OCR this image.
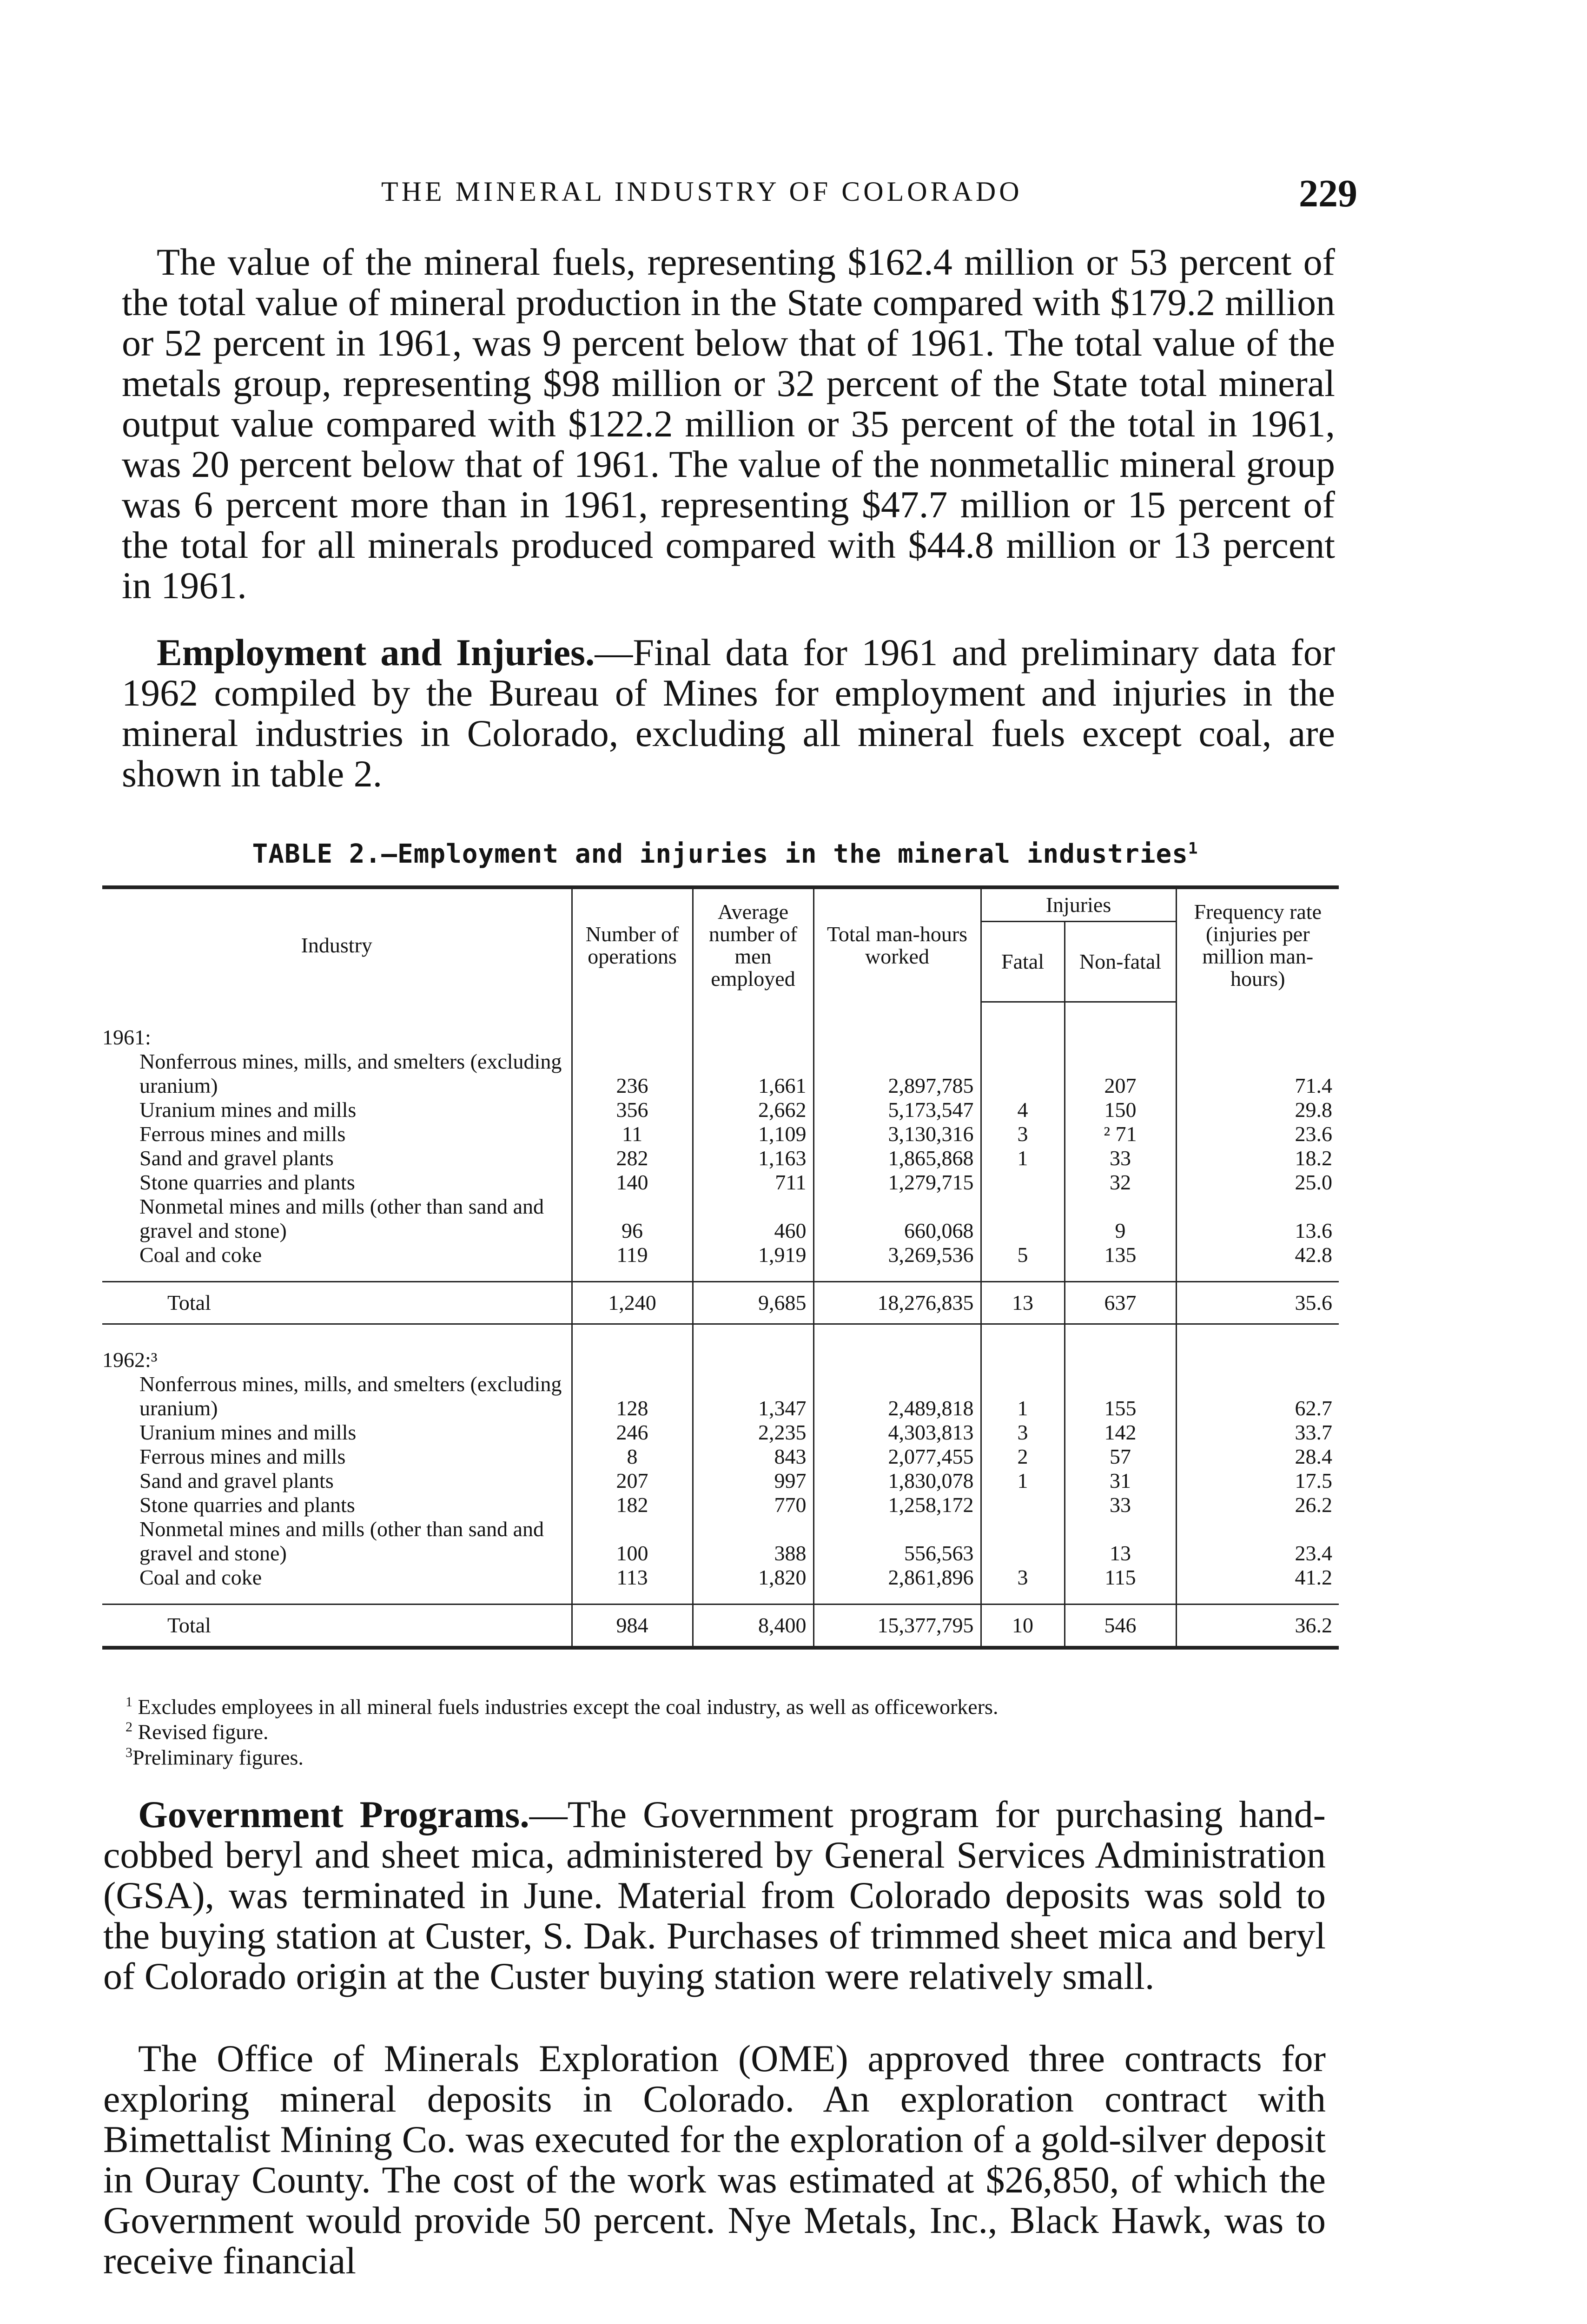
THE MINERAL INDUSTRY OF COLORADO	229

The value of the mineral fuels, representing $162.4 million or 53 percent of the total value of mineral production in the State compared with $179.2 million or 52 percent in 1961, was 9 percent below that of 1961. The total value of the metals group, representing $98 million or 32 percent of the State total mineral output value compared with $122.2 million or 35 percent of the total in 1961, was 20 percent below that of 1961. The value of the nonmetallic mineral group was 6 percent more than in 1961, representing $47.7 million or 15 percent of the total for all minerals produced compared with $44.8 million or 13 percent in 1961.

Employment and Injuries.—Final data for 1961 and preliminary data for 1962 compiled by the Bureau of Mines for employment and injuries in the mineral industries in Colorado, excluding all mineral fuels except coal, are shown in table 2.

TABLE 2.—Employment and injuries in the mineral industries$^1$
Industry	Number of operations	Average number of men employed	Total man-hours worked	Injuries		Frequency rate (injuries per million man-hours)
				Fatal	Non-fatal	
1961:						
Nonferrous mines, mills, and smelters (excluding uranium)	236	1,661	2,897,785		207	71.4
Uranium mines and mills	356	2,662	5,173,547	4	150	29.8
Ferrous mines and mills	11	1,109	3,130,316	3	² 71	23.6
Sand and gravel plants	282	1,163	1,865,868	1	33	18.2
Stone quarries and plants	140	711	1,279,715		32	25.0
Nonmetal mines and mills (other than sand and gravel and stone)	96	460	660,068		9	13.6
Coal and coke	119	1,919	3,269,536	5	135	42.8
Total	1,240	9,685	18,276,835	13	637	35.6
1962:³						
Nonferrous mines, mills, and smelters (excluding uranium)	128	1,347	2,489,818	1	155	62.7
Uranium mines and mills	246	2,235	4,303,813	3	142	33.7
Ferrous mines and mills	8	843	2,077,455	2	57	28.4
Sand and gravel plants	207	997	1,830,078	1	31	17.5
Stone quarries and plants	182	770	1,258,172		33	26.2
Nonmetal mines and mills (other than sand and gravel and stone)	100	388	556,563		13	23.4
Coal and coke	113	1,820	2,861,896	3	115	41.2
Total	984	8,400	15,377,795	10	546	36.2
$^1$ Excludes employees in all mineral fuels industries except the coal industry, as well as officeworkers.
$^2$ Revised figure.
$^3$Preliminary figures.

Government Programs.—The Government program for purchasing hand-cobbed beryl and sheet mica, administered by General Services Administration (GSA), was terminated in June. Material from Colorado deposits was sold to the buying station at Custer, S. Dak. Purchases of trimmed sheet mica and beryl of Colorado origin at the Custer buying station were relatively small.

The Office of Minerals Exploration (OME) approved three contracts for exploring mineral deposits in Colorado. An exploration contract with Bimettalist Mining Co. was executed for the exploration of a gold-silver deposit in Ouray County. The cost of the work was estimated at $26,850, of which the Government would provide 50 percent. Nye Metals, Inc., Black Hawk, was to receive financial
